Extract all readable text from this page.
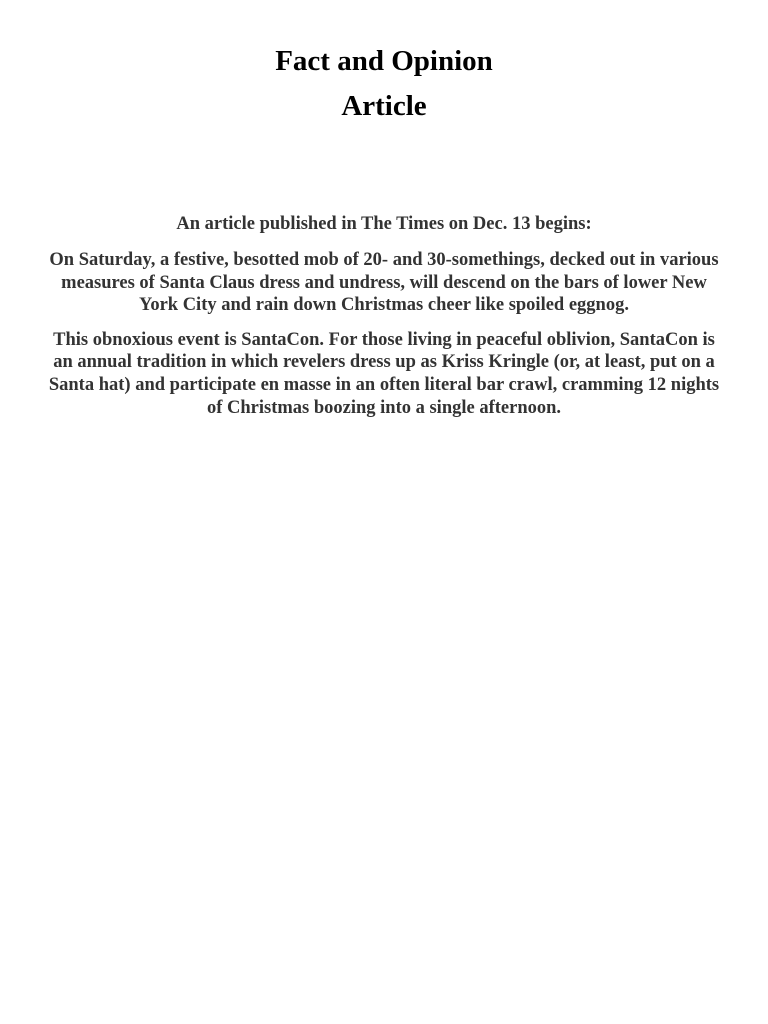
Fact and Opinion
Article

An article published in The Times on Dec. 13 begins:

On Saturday, a festive, besotted mob of 20- and 30-somethings, decked out in various measures of Santa Claus dress and undress, will descend on the bars of lower New York City and rain down Christmas cheer like spoiled eggnog.

This obnoxious event is SantaCon. For those living in peaceful oblivion, SantaCon is an annual tradition in which revelers dress up as Kriss Kringle (or, at least, put on a Santa hat) and participate en masse in an often literal bar crawl, cramming 12 nights of Christmas boozing into a single afternoon.
